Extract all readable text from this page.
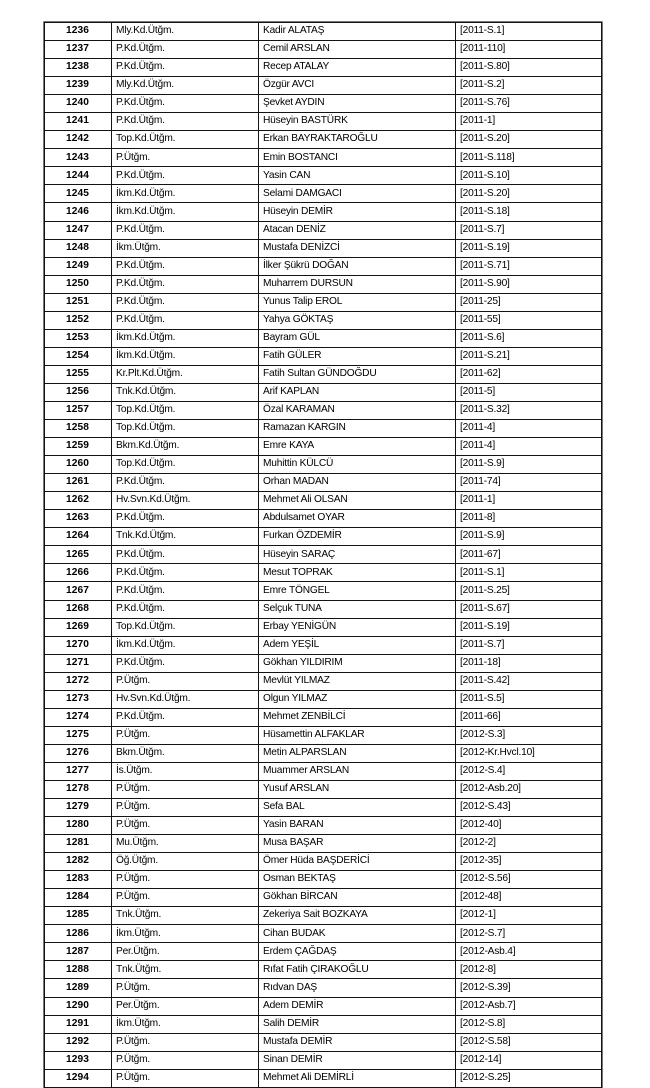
1236	Mly.Kd.Ütğm.	Kadir ALATAŞ	[2011-S.1]
1237	P.Kd.Ütğm.	Cemil ARSLAN	[2011-110]
1238	P.Kd.Ütğm.	Recep ATALAY	[2011-S.80]
1239	Mly.Kd.Ütğm.	Özgür AVCI	[2011-S.2]
1240	P.Kd.Ütğm.	Şevket AYDIN	[2011-S.76]
1241	P.Kd.Ütğm.	Hüseyin BASTÜRK	[2011-1]
1242	Top.Kd.Ütğm.	Erkan BAYRAKTAROĞLU	[2011-S.20]
1243	P.Ütğm.	Emin BOSTANCI	[2011-S.118]
1244	P.Kd.Ütğm.	Yasin CAN	[2011-S.10]
1245	İkm.Kd.Ütğm.	Selami DAMGACI	[2011-S.20]
1246	İkm.Kd.Ütğm.	Hüseyin DEMİR	[2011-S.18]
1247	P.Kd.Ütğm.	Atacan DENİZ	[2011-S.7]
1248	İkm.Ütğm.	Mustafa DENİZCİ	[2011-S.19]
1249	P.Kd.Ütğm.	İlker Şükrü DOĞAN	[2011-S.71]
1250	P.Kd.Ütğm.	Muharrem DURSUN	[2011-S.90]
1251	P.Kd.Ütğm.	Yunus Talip EROL	[2011-25]
1252	P.Kd.Ütğm.	Yahya GÖKTAŞ	[2011-55]
1253	İkm.Kd.Ütğm.	Bayram GÜL	[2011-S.6]
1254	İkm.Kd.Ütğm.	Fatih GÜLER	[2011-S.21]
1255	Kr.Plt.Kd.Ütğm.	Fatih Sultan GÜNDOĞDU	[2011-62]
1256	Tnk.Kd.Ütğm.	Arif KAPLAN	[2011-5]
1257	Top.Kd.Ütğm.	Özal KARAMAN	[2011-S.32]
1258	Top.Kd.Ütğm.	Ramazan KARGIN	[2011-4]
1259	Bkm.Kd.Ütğm.	Emre KAYA	[2011-4]
1260	Top.Kd.Ütğm.	Muhittin KÜLCÜ	[2011-S.9]
1261	P.Kd.Ütğm.	Orhan MADAN	[2011-74]
1262	Hv.Svn.Kd.Ütğm.	Mehmet Ali OLSAN	[2011-1]
1263	P.Kd.Ütğm.	Abdulsamet OYAR	[2011-8]
1264	Tnk.Kd.Ütğm.	Furkan ÖZDEMİR	[2011-S.9]
1265	P.Kd.Ütğm.	Hüseyin SARAÇ	[2011-67]
1266	P.Kd.Ütğm.	Mesut TOPRAK	[2011-S.1]
1267	P.Kd.Ütğm.	Emre TÖNGEL	[2011-S.25]
1268	P.Kd.Ütğm.	Selçuk TUNA	[2011-S.67]
1269	Top.Kd.Ütğm.	Erbay YENİGÜN	[2011-S.19]
1270	İkm.Kd.Ütğm.	Adem YEŞİL	[2011-S.7]
1271	P.Kd.Ütğm.	Gökhan YILDIRIM	[2011-18]
1272	P.Ütğm.	Mevlüt YILMAZ	[2011-S.42]
1273	Hv.Svn.Kd.Ütğm.	Olgun YILMAZ	[2011-S.5]
1274	P.Kd.Ütğm.	Mehmet ZENBİLCİ	[2011-66]
1275	P.Ütğm.	Hüsamettin ALFAKLAR	[2012-S.3]
1276	Bkm.Ütğm.	Metin ALPARSLAN	[2012-Kr.Hvcl.10]
1277	İs.Ütğm.	Muammer ARSLAN	[2012-S.4]
1278	P.Ütğm.	Yusuf ARSLAN	[2012-Asb.20]
1279	P.Ütğm.	Sefa BAL	[2012-S.43]
1280	P.Ütğm.	Yasin BARAN	[2012-40]
1281	Mu.Ütğm.	Musa BAŞAR	[2012-2]
1282	Öğ.Ütğm.	Ömer Hüda BAŞDERİCİ	[2012-35]
1283	P.Ütğm.	Osman BEKTAŞ	[2012-S.56]
1284	P.Ütğm.	Gökhan BİRCAN	[2012-48]
1285	Tnk.Ütğm.	Zekeriya Sait BOZKAYA	[2012-1]
1286	İkm.Ütğm.	Cihan BUDAK	[2012-S.7]
1287	Per.Ütğm.	Erdem ÇAĞDAŞ	[2012-Asb.4]
1288	Tnk.Ütğm.	Rıfat Fatih ÇIRAKOĞLU	[2012-8]
1289	P.Ütğm.	Rıdvan DAŞ	[2012-S.39]
1290	Per.Ütğm.	Adem DEMİR	[2012-Asb.7]
1291	İkm.Ütğm.	Salih DEMİR	[2012-S.8]
1292	P.Ütğm.	Mustafa DEMİR	[2012-S.58]
1293	P.Ütğm.	Sinan DEMİR	[2012-14]
1294	P.Ütğm.	Mehmet Ali DEMİRLİ	[2012-S.25]
